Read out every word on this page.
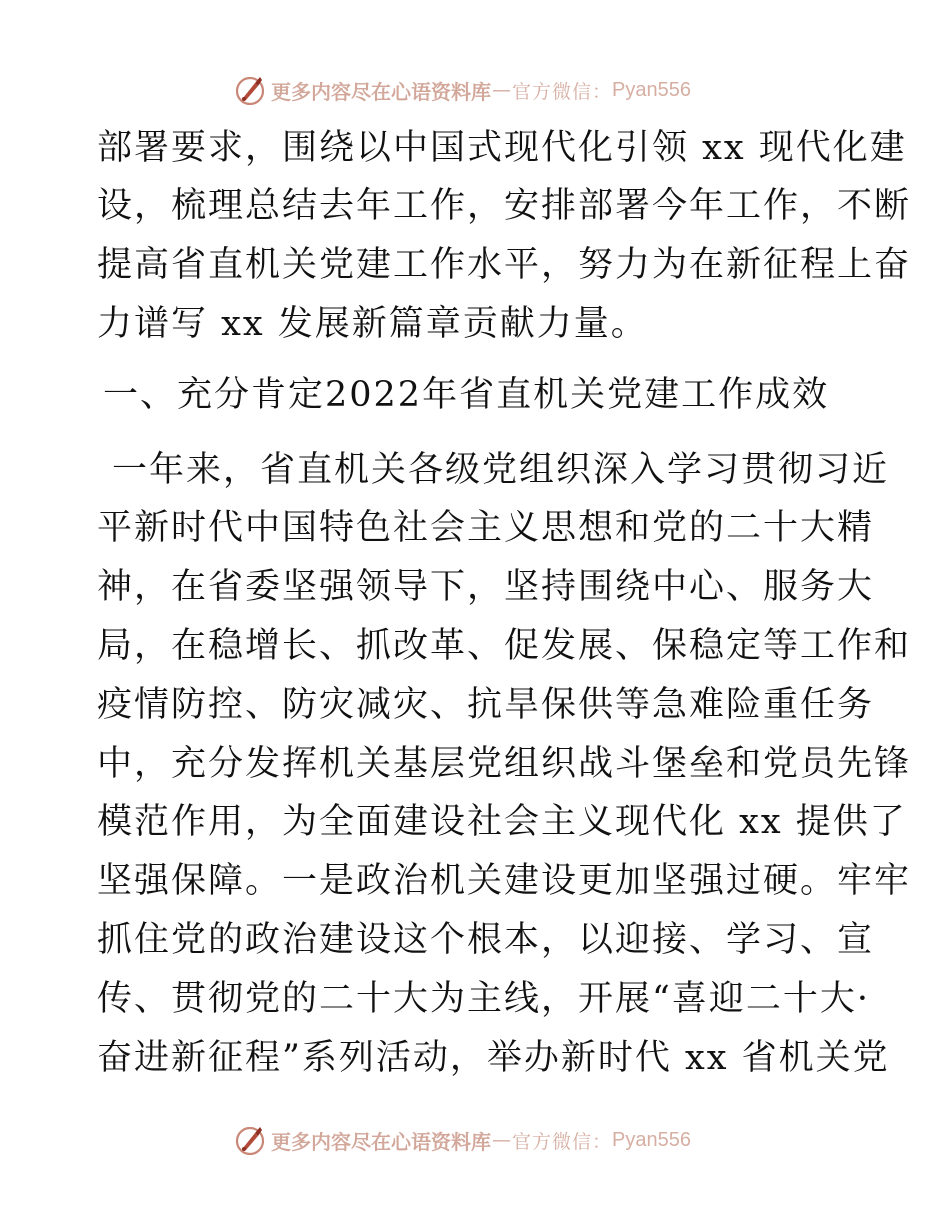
更多内容尽在心语资料库 — 官方微信： Pyan556
部署要求，围绕以中国式现代化引领 xx 现代化建
设，梳理总结去年工作，安排部署今年工作，不断
提高省直机关党建工作水平，努力为在新征程上奋
力谱写 xx 发展新篇章贡献力量。
一、充分肯定2022年省直机关党建工作成效
一年来，省直机关各级党组织深入学习贯彻习近
平新时代中国特色社会主义思想和党的二十大精
神，在省委坚强领导下，坚持围绕中心、服务大
局，在稳增长、抓改革、促发展、保稳定等工作和
疫情防控、防灾减灾、抗旱保供等急难险重任务
中，充分发挥机关基层党组织战斗堡垒和党员先锋
模范作用，为全面建设社会主义现代化 xx 提供了
坚强保障。一是政治机关建设更加坚强过硬。牢牢
抓住党的政治建设这个根本，以迎接、学习、宣
传、贯彻党的二十大为主线，开展“喜迎二十大·
奋进新征程”系列活动，举办新时代 xx 省机关党
更多内容尽在心语资料库 — 官方微信： Pyan556
